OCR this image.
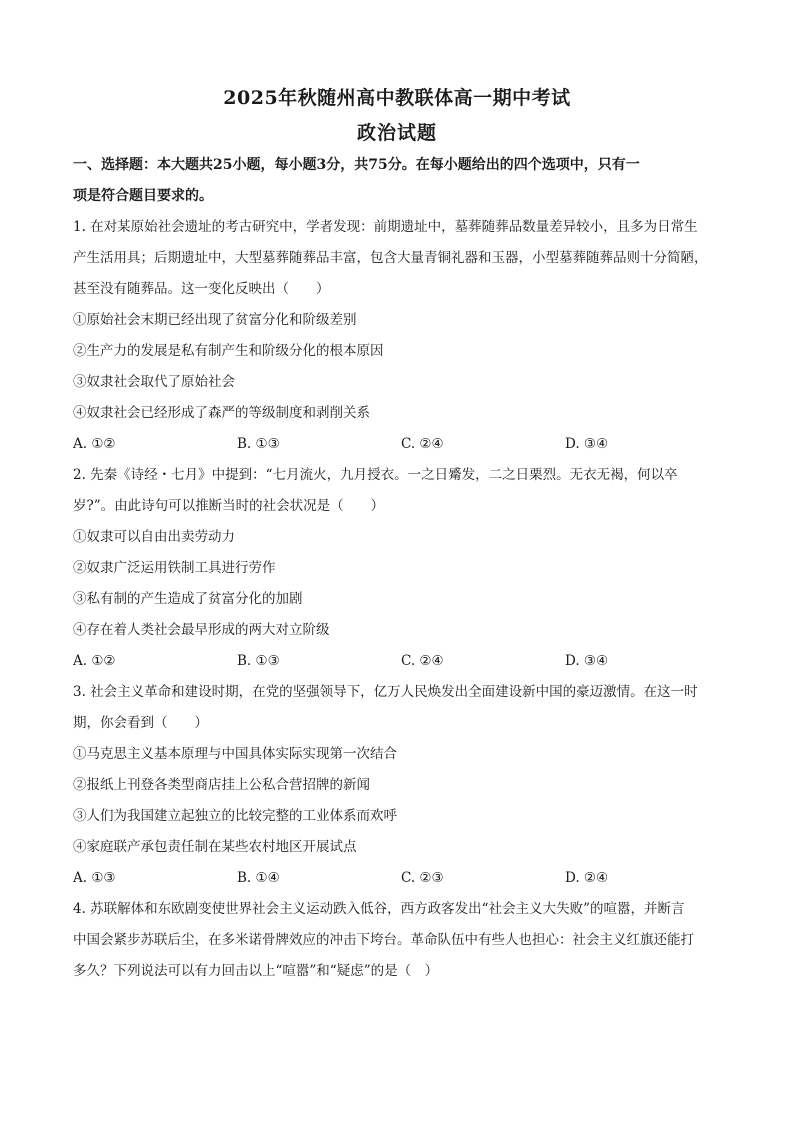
2025年秋随州高中教联体高一期中考试
政治试题
一、选择题：本大题共25小题，每小题3分，共75分。在每小题给出的四个选项中，只有一
项是符合题目要求的。
1. 在对某原始社会遗址的考古研究中，学者发现：前期遗址中，墓葬随葬品数量差异较小，且多为日常生
产生活用具；后期遗址中，大型墓葬随葬品丰富，包含大量青铜礼器和玉器，小型墓葬随葬品则十分简陋，
甚至没有随葬品。这一变化反映出（　　）
①原始社会末期已经出现了贫富分化和阶级差别
②生产力的发展是私有制产生和阶级分化的根本原因
③奴隶社会取代了原始社会
④奴隶社会已经形成了森严的等级制度和剥削关系
A. ①②	B. ①③	C. ②④	D. ③④
2. 先秦《诗经・七月》中提到：“七月流火，九月授衣。一之日觱发，二之日栗烈。无衣无褐，何以卒
岁?”。由此诗句可以推断当时的社会状况是（　　）
①奴隶可以自由出卖劳动力
②奴隶广泛运用铁制工具进行劳作
③私有制的产生造成了贫富分化的加剧
④存在着人类社会最早形成的两大对立阶级
A. ①②	B. ①③	C. ②④	D. ③④
3. 社会主义革命和建设时期，在党的坚强领导下，亿万人民焕发出全面建设新中国的豪迈激情。在这一时
期，你会看到（　　）
①马克思主义基本原理与中国具体实际实现第一次结合
②报纸上刊登各类型商店挂上公私合营招牌的新闻
③人们为我国建立起独立的比较完整的工业体系而欢呼
④家庭联产承包责任制在某些农村地区开展试点
A. ①③	B. ①④	C. ②③	D. ②④
4. 苏联解体和东欧剧变使世界社会主义运动跌入低谷，西方政客发出“社会主义大失败”的喧嚣，并断言
中国会紧步苏联后尘，在多米诺骨牌效应的冲击下垮台。革命队伍中有些人也担心：社会主义红旗还能打
多久？下列说法可以有力回击以上“喧嚣”和“疑虑”的是（　）
